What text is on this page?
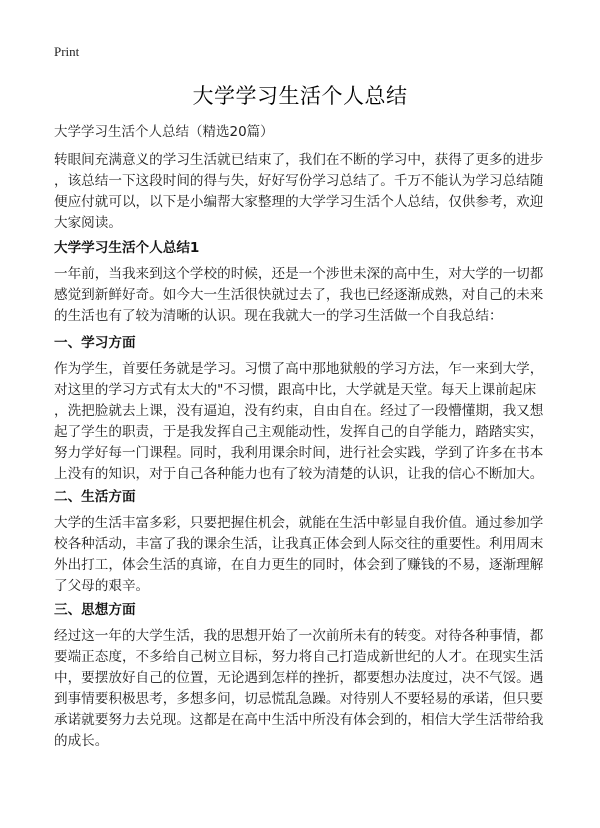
Print
大学学习生活个人总结
大学学习生活个人总结（精选20篇）
转眼间充满意义的学习生活就已结束了，我们在不断的学习中，获得了更多的进步
，该总结一下这段时间的得与失，好好写份学习总结了。千万不能认为学习总结随
便应付就可以，以下是小编帮大家整理的大学学习生活个人总结，仅供参考，欢迎
大家阅读。
大学学习生活个人总结1
一年前，当我来到这个学校的时候，还是一个涉世未深的高中生，对大学的一切都
感觉到新鲜好奇。如今大一生活很快就过去了，我也已经逐渐成熟，对自己的未来
的生活也有了较为清晰的认识。现在我就大一的学习生活做一个自我总结：
一、学习方面
作为学生，首要任务就是学习。习惯了高中那地狱般的学习方法，乍一来到大学，
对这里的学习方式有太大的"不习惯，跟高中比，大学就是天堂。每天上课前起床
，洗把脸就去上课，没有逼迫，没有约束，自由自在。经过了一段懵懂期，我又想
起了学生的职责，于是我发挥自己主观能动性，发挥自己的自学能力，踏踏实实，
努力学好每一门课程。同时，我利用课余时间，进行社会实践，学到了许多在书本
上没有的知识，对于自己各种能力也有了较为清楚的认识，让我的信心不断加大。
二、生活方面
大学的生活丰富多彩，只要把握住机会，就能在生活中彰显自我价值。通过参加学
校各种活动，丰富了我的课余生活，让我真正体会到人际交往的重要性。利用周末
外出打工，体会生活的真谛，在自力更生的同时，体会到了赚钱的不易，逐渐理解
了父母的艰辛。
三、思想方面
经过这一年的大学生活，我的思想开始了一次前所未有的转变。对待各种事情，都
要端正态度，不多给自己树立目标，努力将自己打造成新世纪的人才。在现实生活
中，要摆放好自己的位置，无论遇到怎样的挫折，都要想办法度过，决不气馁。遇
到事情要积极思考，多想多问，切忌慌乱急躁。对待别人不要轻易的承诺，但只要
承诺就要努力去兑现。这都是在高中生活中所没有体会到的，相信大学生活带给我
的成长。
